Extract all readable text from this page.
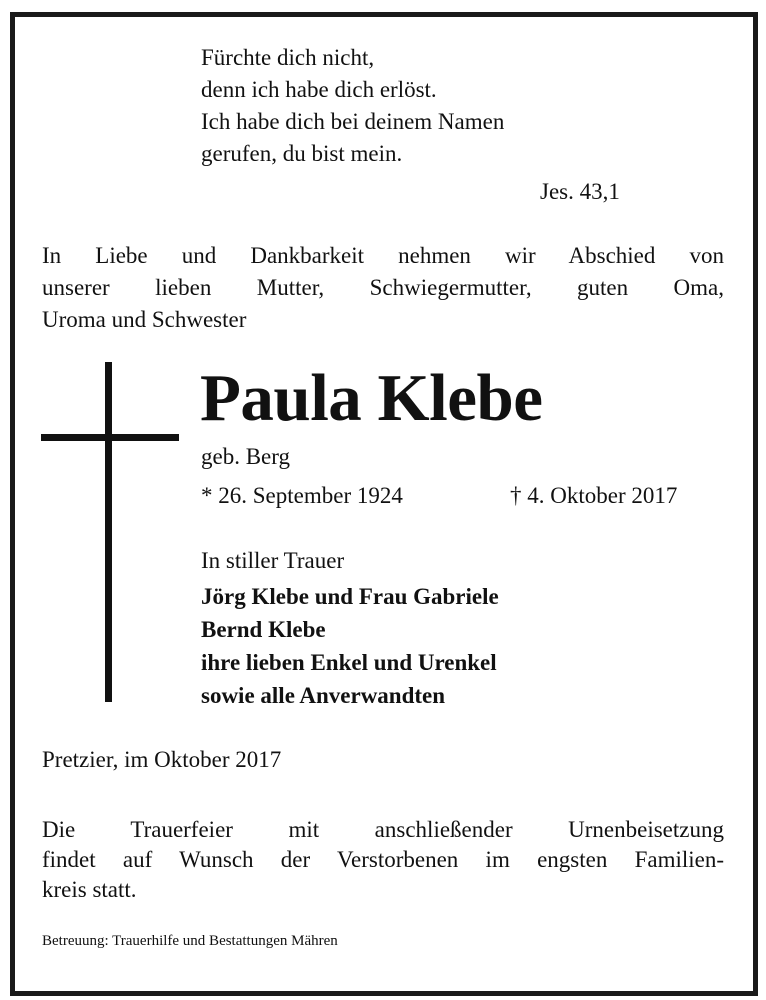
Fürchte dich nicht,
denn ich habe dich erlöst.
Ich habe dich bei deinem Namen
gerufen, du bist mein.
Jes. 43,1
In Liebe und Dankbarkeit nehmen wir Abschied von
unserer lieben Mutter, Schwiegermutter, guten Oma,
Uroma und Schwester
Paula Klebe
geb. Berg
* 26. September 1924	† 4. Oktober 2017
In stiller Trauer
Jörg Klebe und Frau Gabriele
Bernd Klebe
ihre lieben Enkel und Urenkel
sowie alle Anverwandten
Pretzier, im Oktober 2017
Die Trauerfeier mit anschließender Urnenbeisetzung
findet auf Wunsch der Verstorbenen im engsten Familien-
kreis statt.
Betreuung: Trauerhilfe und Bestattungen Mähren
